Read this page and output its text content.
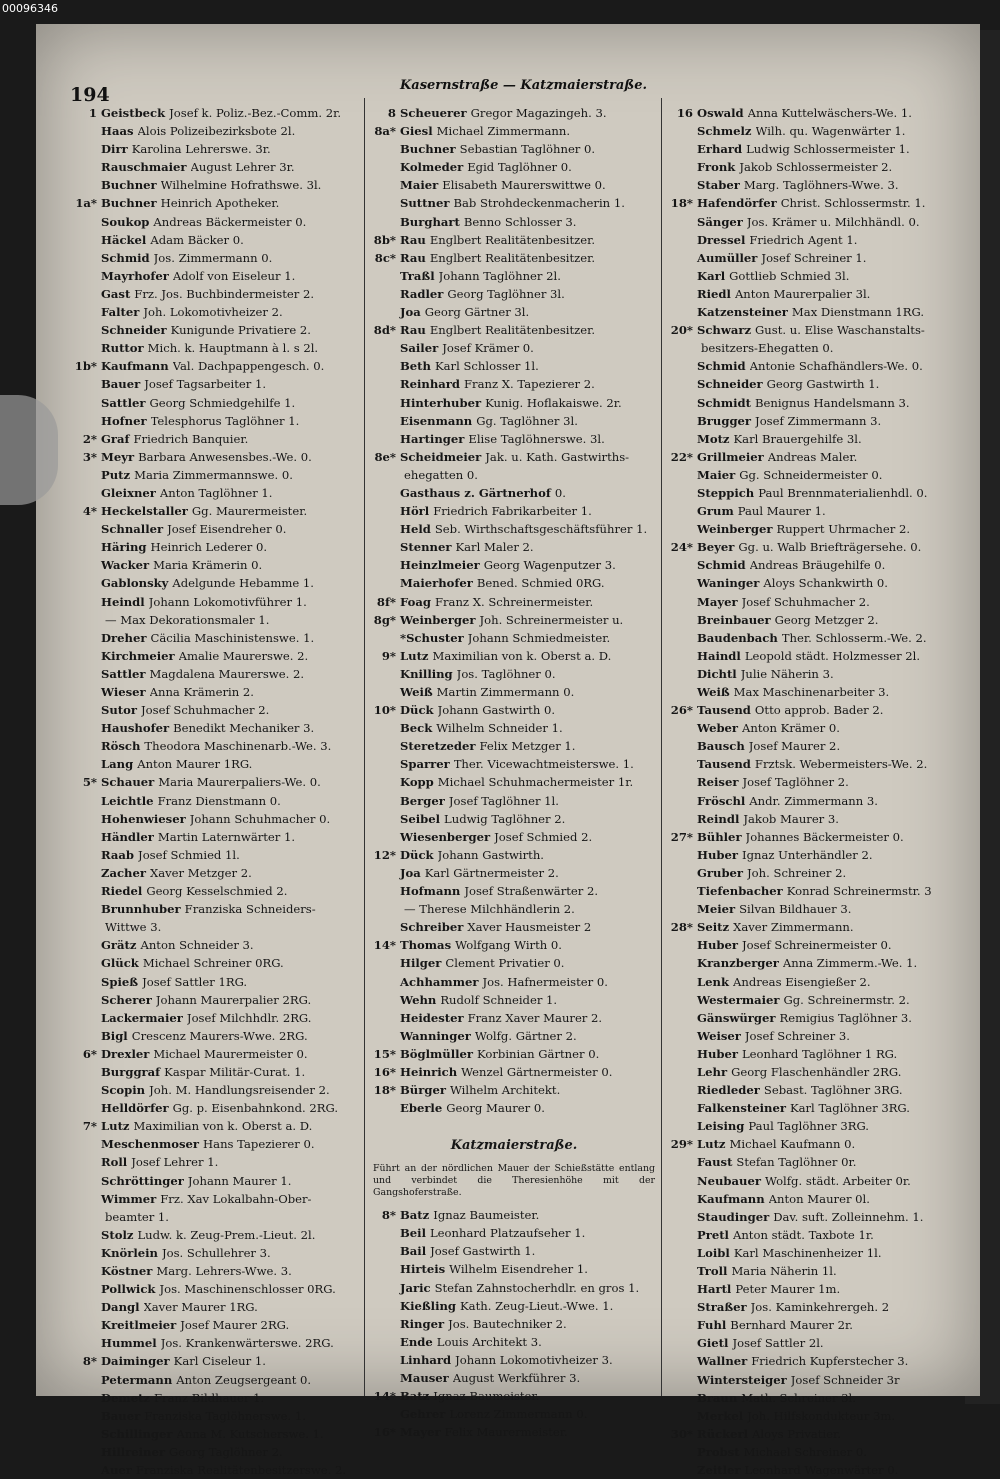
00096346
194	Kasernstraße — Katzmaierstraße.
1 Geistbeck Josef k. Poliz.-Bez.-Comm. 2r.
Haas Alois Polizeibezirksbote 2l.
Dirr Karolina Lehrerswe. 3r.
Rauschmaier August Lehrer 3r.
Buchner Wilhelmine Hofrathswe. 3l.
1a* Buchner Heinrich Apotheker.
Soukop Andreas Bäckermeister 0.
Häckel Adam Bäcker 0.
Schmid Jos. Zimmermann 0.
Mayrhofer Adolf von Eiseleur 1.
Gast Frz. Jos. Buchbindermeister 2.
Falter Joh. Lokomotivheizer 2.
Schneider Kunigunde Privatiere 2.
Ruttor Mich. k. Hauptmann à l. s 2l.
1b* Kaufmann Val. Dachpappengesch. 0.
Bauer Josef Tagsarbeiter 1.
Sattler Georg Schmiedgehilfe 1.
Hofner Telesphorus Taglöhner 1.
2* Graf Friedrich Banquier.
3* Meyr Barbara Anwesensbes.-We. 0.
Putz Maria Zimmermannswe. 0.
Gleixner Anton Taglöhner 1.
4* Heckelstaller Gg. Maurermeister.
Schnaller Josef Eisendreher 0.
Häring Heinrich Lederer 0.
Wacker Maria Krämerin 0.
Gablonsky Adelgunde Hebamme 1.
Heindl Johann Lokomotivführer 1.
— Max Dekorationsmaler 1.
Dreher Cäcilia Maschinistenswe. 1.
Kirchmeier Amalie Maurerswe. 2.
Sattler Magdalena Maurerswe. 2.
Wieser Anna Krämerin 2.
Sutor Josef Schuhmacher 2.
Haushofer Benedikt Mechaniker 3.
Rösch Theodora Maschinenarb.-We. 3.
Lang Anton Maurer 1RG.
5* Schauer Maria Maurerpaliers-We. 0.
Leichtle Franz Dienstmann 0.
Hohenwieser Johann Schuhmacher 0.
Händler Martin Laternwärter 1.
Raab Josef Schmied 1l.
Zacher Xaver Metzger 2.
Riedel Georg Kesselschmied 2.
Brunnhuber Franziska Schneiders-
Wittwe 3.
Grätz Anton Schneider 3.
Glück Michael Schreiner 0RG.
Spieß Josef Sattler 1RG.
Scherer Johann Maurerpalier 2RG.
Lackermaier Josef Milchhdlr. 2RG.
Bigl Crescenz Maurers-Wwe. 2RG.
6* Drexler Michael Maurermeister 0.
Burggraf Kaspar Militär-Curat. 1.
Scopin Joh. M. Handlungsreisender 2.
Helldörfer Gg. p. Eisenbahnkond. 2RG.
7* Lutz Maximilian von k. Oberst a. D.
Meschenmoser Hans Tapezierer 0.
Roll Josef Lehrer 1.
Schröttinger Johann Maurer 1.
Wimmer Frz. Xav Lokalbahn-Ober-
beamter 1.
Stolz Ludw. k. Zeug-Prem.-Lieut. 2l.
Knörlein Jos. Schullehrer 3.
Köstner Marg. Lehrers-Wwe. 3.
Pollwick Jos. Maschinenschlosser 0RG.
Dangl Xaver Maurer 1RG.
Kreitlmeier Josef Maurer 2RG.
Hummel Jos. Krankenwärterswe. 2RG.
8* Daiminger Karl Ciseleur 1.
Petermann Anton Zeugsergeant 0.
Demetz Franz Bildhauer 1.
Bauer Franziska Taglöhnerswe. 1.
Schillinger Anna M. Kutscherswe. 1.
Hillreiner Georg Taglöhner 2.
Auer Franziska Realitätenbesitzerswe. 2.
8 Scheuerer Gregor Magazingeh. 3.
8a* Giesl Michael Zimmermann.
Buchner Sebastian Taglöhner 0.
Kolmeder Egid Taglöhner 0.
Maier Elisabeth Maurerswittwe 0.
Suttner Bab Strohdeckenmacherin 1.
Burghart Benno Schlosser 3.
8b* Rau Englbert Realitätenbesitzer.
8c* Rau Englbert Realitätenbesitzer.
Traßl Johann Taglöhner 2l.
Radler Georg Taglöhner 3l.
Joa Georg Gärtner 3l.
8d* Rau Englbert Realitätenbesitzer.
Sailer Josef Krämer 0.
Beth Karl Schlosser 1l.
Reinhard Franz X. Tapezierer 2.
Hinterhuber Kunig. Hoflakaiswe. 2r.
Eisenmann Gg. Taglöhner 3l.
Hartinger Elise Taglöhnerswe. 3l.
8e* Scheidmeier Jak. u. Kath. Gastwirths-
ehegatten 0.
Gasthaus z. Gärtnerhof 0.
Hörl Friedrich Fabrikarbeiter 1.
Held Seb. Wirthschaftsgeschäftsführer 1.
Stenner Karl Maler 2.
Heinzlmeier Georg Wagenputzer 3.
Maierhofer Bened. Schmied 0RG.
8f* Foag Franz X. Schreinermeister.
8g* Weinberger Joh. Schreinermeister u.
*Schuster Johann Schmiedmeister.
9* Lutz Maximilian von k. Oberst a. D.
Knilling Jos. Taglöhner 0.
Weiß Martin Zimmermann 0.
10* Dück Johann Gastwirth 0.
Beck Wilhelm Schneider 1.
Steretzeder Felix Metzger 1.
Sparrer Ther. Vicewachtmeisterswe. 1.
Kopp Michael Schuhmachermeister 1r.
Berger Josef Taglöhner 1l.
Seibel Ludwig Taglöhner 2.
Wiesenberger Josef Schmied 2.
12* Dück Johann Gastwirth.
Joa Karl Gärtnermeister 2.
Hofmann Josef Straßenwärter 2.
— Therese Milchhändlerin 2.
Schreiber Xaver Hausmeister 2
14* Thomas Wolfgang Wirth 0.
Hilger Clement Privatier 0.
Achhammer Jos. Hafnermeister 0.
Wehn Rudolf Schneider 1.
Heidester Franz Xaver Maurer 2.
Wanninger Wolfg. Gärtner 2.
15* Böglmüller Korbinian Gärtner 0.
16* Heinrich Wenzel Gärtnermeister 0.
18* Bürger Wilhelm Architekt.
Eberle Georg Maurer 0.
Katzmaierstraße.
Führt an der nördlichen Mauer der Schießstätte entlang und verbindet die Theresienhöhe mit der Gangshoferstraße.
8* Batz Ignaz Baumeister.
Beil Leonhard Platzaufseher 1.
Bail Josef Gastwirth 1.
Hirteis Wilhelm Eisendreher 1.
Jaric Stefan Zahnstocherhdlr. en gros 1.
Kießling Kath. Zeug-Lieut.-Wwe. 1.
Ringer Jos. Bautechniker 2.
Ende Louis Architekt 3.
Linhard Johann Lokomotivheizer 3.
Mauser August Werkführer 3.
14* Batz Ignaz Baumeister.
Gehrer Lorenz Zimmermann 0.
16* Mayer Felix Maurermeister.
16 Oswald Anna Kuttelwäschers-We. 1.
Schmelz Wilh. qu. Wagenwärter 1.
Erhard Ludwig Schlossermeister 1.
Fronk Jakob Schlossermeister 2.
Staber Marg. Taglöhners-Wwe. 3.
18* Hafendörfer Christ. Schlossermstr. 1.
Sänger Jos. Krämer u. Milchhändl. 0.
Dressel Friedrich Agent 1.
Aumüller Josef Schreiner 1.
Karl Gottlieb Schmied 3l.
Riedl Anton Maurerpalier 3l.
Katzensteiner Max Dienstmann 1RG.
20* Schwarz Gust. u. Elise Waschanstalts-
besitzers-Ehegatten 0.
Schmid Antonie Schafhändlers-We. 0.
Schneider Georg Gastwirth 1.
Schmidt Benignus Handelsmann 3.
Brugger Josef Zimmermann 3.
Motz Karl Brauergehilfe 3l.
22* Grillmeier Andreas Maler.
Maier Gg. Schneidermeister 0.
Steppich Paul Brennmaterialienhdl. 0.
Grum Paul Maurer 1.
Weinberger Ruppert Uhrmacher 2.
24* Beyer Gg. u. Walb Briefträgersehe. 0.
Schmid Andreas Bräugehilfe 0.
Waninger Aloys Schankwirth 0.
Mayer Josef Schuhmacher 2.
Breinbauer Georg Metzger 2.
Baudenbach Ther. Schlosserm.-We. 2.
Haindl Leopold städt. Holzmesser 2l.
Dichtl Julie Näherin 3.
Weiß Max Maschinenarbeiter 3.
26* Tausend Otto approb. Bader 2.
Weber Anton Krämer 0.
Bausch Josef Maurer 2.
Tausend Frztsk. Webermeisters-We. 2.
Reiser Josef Taglöhner 2.
Fröschl Andr. Zimmermann 3.
Reindl Jakob Maurer 3.
27* Bühler Johannes Bäckermeister 0.
Huber Ignaz Unterhändler 2.
Gruber Joh. Schreiner 2.
Tiefenbacher Konrad Schreinermstr. 3
Meier Silvan Bildhauer 3.
28* Seitz Xaver Zimmermann.
Huber Josef Schreinermeister 0.
Kranzberger Anna Zimmerm.-We. 1.
Lenk Andreas Eisengießer 2.
Westermaier Gg. Schreinermstr. 2.
Gänswürger Remigius Taglöhner 3.
Weiser Josef Schreiner 3.
Huber Leonhard Taglöhner 1 RG.
Lehr Georg Flaschenhändler 2RG.
Riedleder Sebast. Taglöhner 3RG.
Falkensteiner Karl Taglöhner 3RG.
Leising Paul Taglöhner 3RG.
29* Lutz Michael Kaufmann 0.
Faust Stefan Taglöhner 0r.
Neubauer Wolfg. städt. Arbeiter 0r.
Kaufmann Anton Maurer 0l.
Staudinger Dav. suft. Zolleinnehm. 1.
Pretl Anton städt. Taxbote 1r.
Loibl Karl Maschinenheizer 1l.
Troll Maria Näherin 1l.
Hartl Peter Maurer 1m.
Straßer Jos. Kaminkehrergeh. 2
Fuhl Bernhard Maurer 2r.
Gietl Josef Sattler 2l.
Wallner Friedrich Kupferstecher 3.
Wintersteiger Josef Schneider 3r
Braun Math. Schreiner 3l.
Merkel Joh. Hilfskondukteur 3m.
30* Rückerl Aloys Privatier.
Probst Michael Schreiner 0.
Zeitler Leonhard Wagenwärter 0.
